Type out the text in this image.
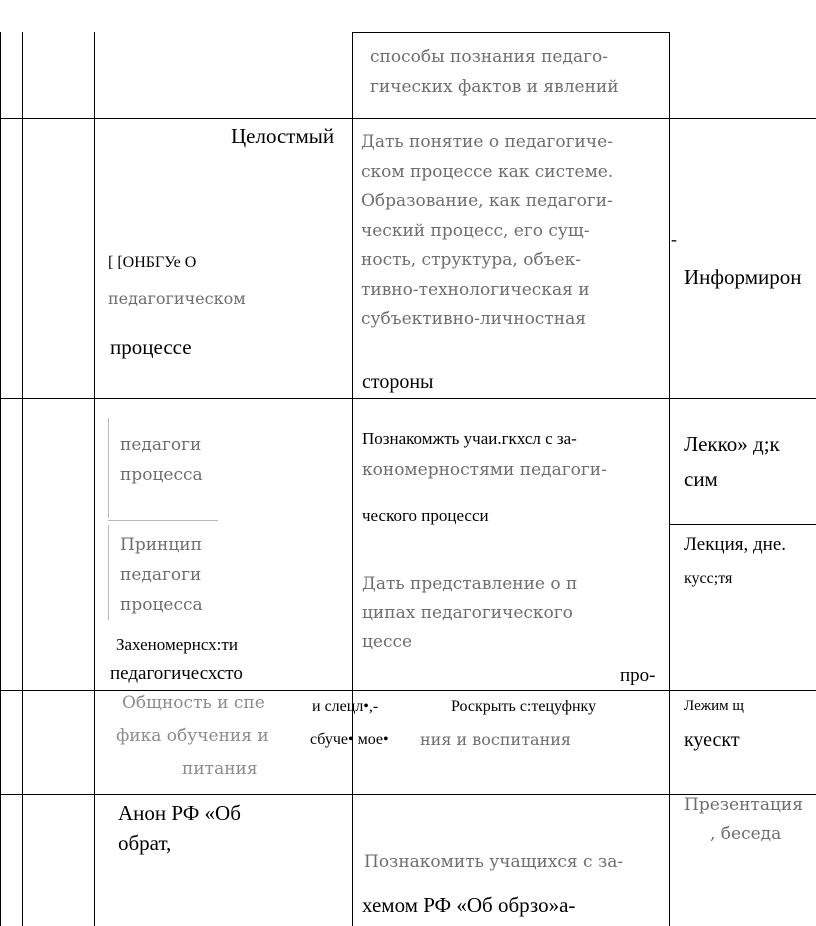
способы познания педаго-
гических фактов и явлений
Целостмый
[ [ОНБГУе О
педагогическом
процессе
Дать понятие о педагогиче-
ском процессе как системе.
Образование, как педагоги-
ческий процесс, его сущ-
ность, структура, объек-
тивно-технологическая и
субъективно-личностная
стороны
-
Информирон
педагоги
процесса
Принцип
педагоги
процесса
Захеномернсх:ти
педагогичесхсто
Познакомжть учаи.гкхсл с за-
кономерностями педагоги-
ческого процесси
Дать представление о п
ципах педагогического
цессе
про-
Лекко» д;к
сим
Лекция, дне.
кусс;тя
Общность и спе
фика обучения и
питания
и слецл•,-
сбуче• мое•
Роскрыть с:тецуфнку
ния и воспитания
Лежим щ
куескт
Анон РФ «Об
обрат,
Познакомить учащихся с за-
хемом РФ «Об обрзо»а-
Презентация
, беседа
